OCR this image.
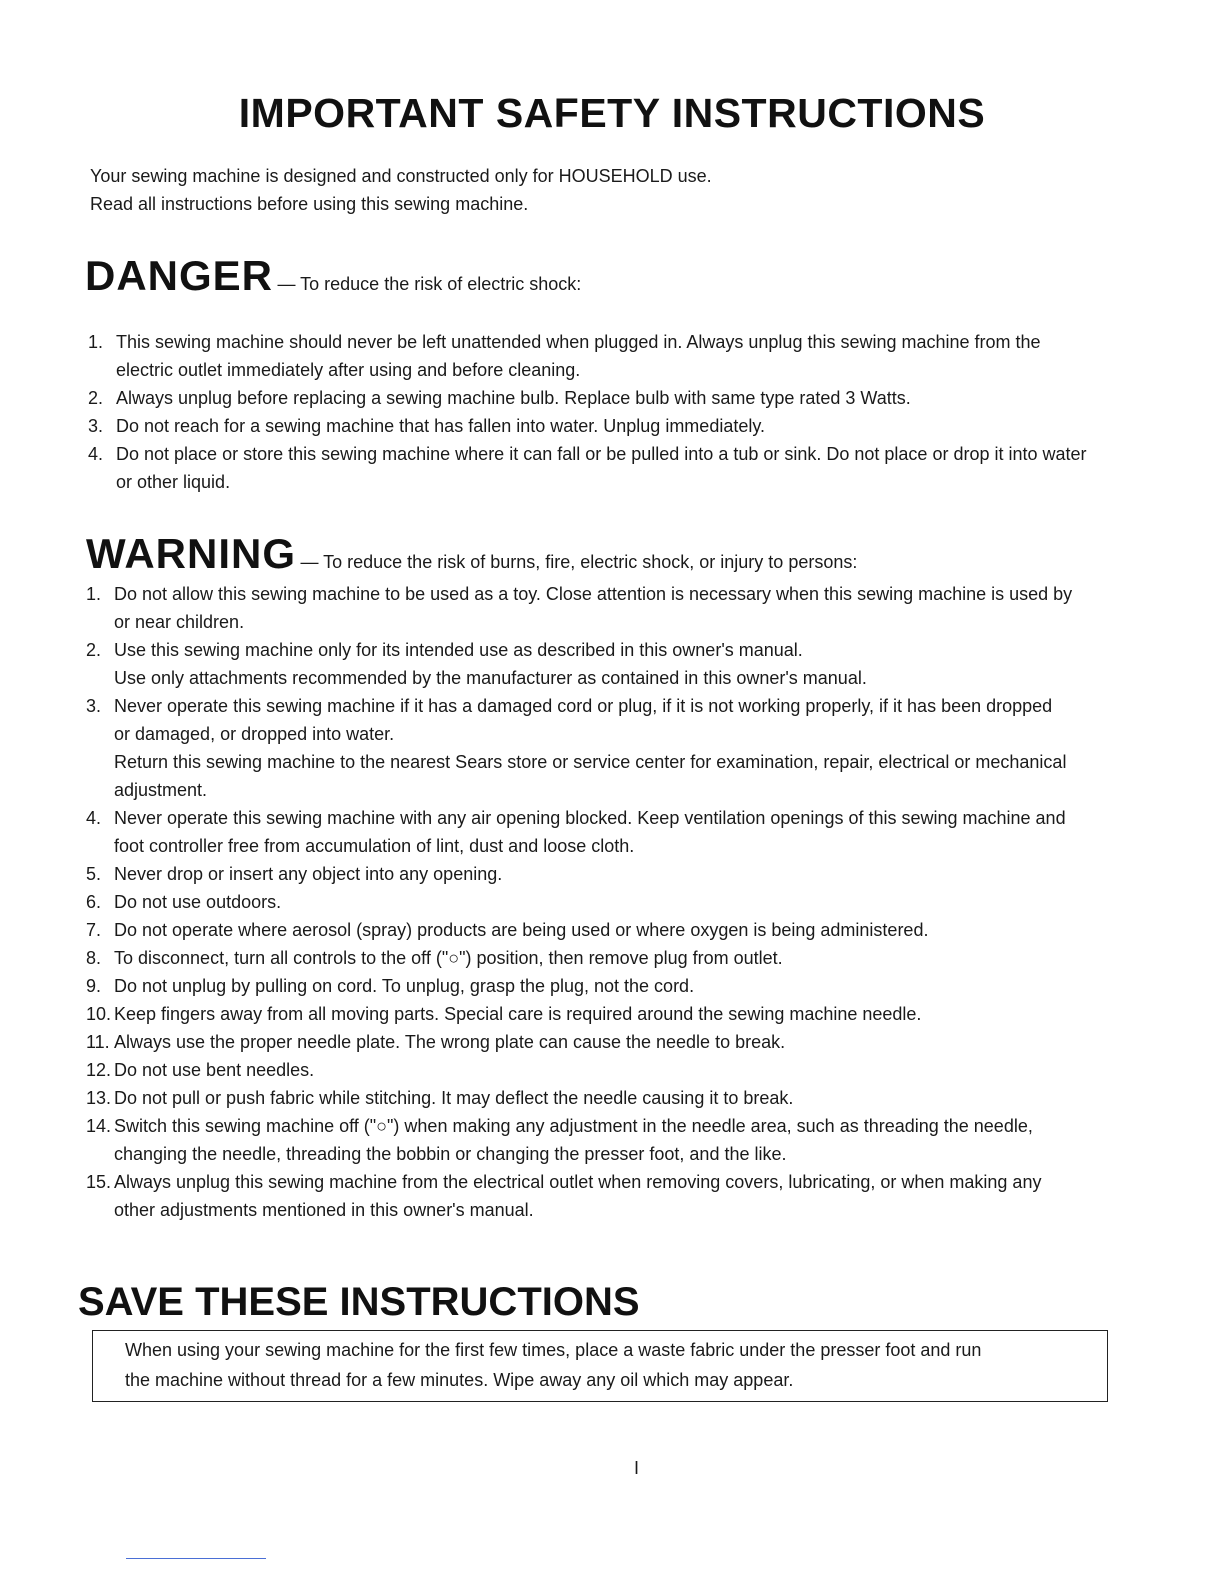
IMPORTANT SAFETY INSTRUCTIONS
Your sewing machine is designed and constructed only for HOUSEHOLD use.
Read all instructions before using this sewing machine.
DANGER — To reduce the risk of electric shock:
1. This sewing machine should never be left unattended when plugged in. Always unplug this sewing machine from the
electric outlet immediately after using and before cleaning.
2. Always unplug before replacing a sewing machine bulb. Replace bulb with same type rated 3 Watts.
3. Do not reach for a sewing machine that has fallen into water. Unplug immediately.
4. Do not place or store this sewing machine where it can fall or be pulled into a tub or sink. Do not place or drop it into water
or other liquid.
WARNING — To reduce the risk of burns, fire, electric shock, or injury to persons:
1. Do not allow this sewing machine to be used as a toy. Close attention is necessary when this sewing machine is used by
or near children.
2. Use this sewing machine only for its intended use as described in this owner's manual.
Use only attachments recommended by the manufacturer as contained in this owner's manual.
3. Never operate this sewing machine if it has a damaged cord or plug, if it is not working properly, if it has been dropped
or damaged, or dropped into water.
Return this sewing machine to the nearest Sears store or service center for examination, repair, electrical or mechanical
adjustment.
4. Never operate this sewing machine with any air opening blocked. Keep ventilation openings of this sewing machine and
foot controller free from accumulation of lint, dust and loose cloth.
5. Never drop or insert any object into any opening.
6. Do not use outdoors.
7. Do not operate where aerosol (spray) products are being used or where oxygen is being administered.
8. To disconnect, turn all controls to the off ("○") position, then remove plug from outlet.
9. Do not unplug by pulling on cord. To unplug, grasp the plug, not the cord.
10. Keep fingers away from all moving parts. Special care is required around the sewing machine needle.
11. Always use the proper needle plate. The wrong plate can cause the needle to break.
12. Do not use bent needles.
13. Do not pull or push fabric while stitching. It may deflect the needle causing it to break.
14. Switch this sewing machine off ("○") when making any adjustment in the needle area, such as threading the needle,
changing the needle, threading the bobbin or changing the presser foot, and the like.
15. Always unplug this sewing machine from the electrical outlet when removing covers, lubricating, or when making any
other adjustments mentioned in this owner's manual.
SAVE THESE INSTRUCTIONS
When using your sewing machine for the first few times, place a waste fabric under the presser foot and run
the machine without thread for a few minutes. Wipe away any oil which may appear.
I
